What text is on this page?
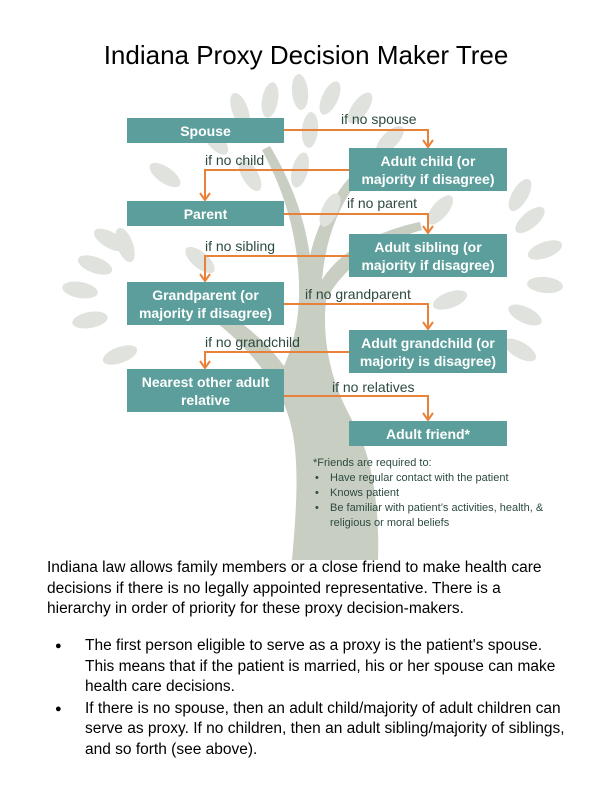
Indiana Proxy Decision Maker Tree
Spouse
Adult child (or
majority if disagree)
Parent
Adult sibling (or
majority if disagree)
Grandparent (or
majority if disagree)
Adult grandchild (or
majority is disagree)
Nearest other adult
relative
Adult friend*
if no spouse
if no child
if no parent
if no sibling
if no grandparent
if no grandchild
if no relatives
*Friends are required to:
• Have regular contact with the patient
• Knows patient
• Be familiar with patient’s activities, health, & religious or moral beliefs
Indiana law allows family members or a close friend to make health care decisions if there is no legally appointed representative. There is a hierarchy in order of priority for these proxy decision-makers.
● The first person eligible to serve as a proxy is the patient's spouse. This means that if the patient is married, his or her spouse can make health care decisions.
● If there is no spouse, then an adult child/majority of adult children can serve as proxy. If no children, then an adult sibling/majority of siblings, and so forth (see above).
